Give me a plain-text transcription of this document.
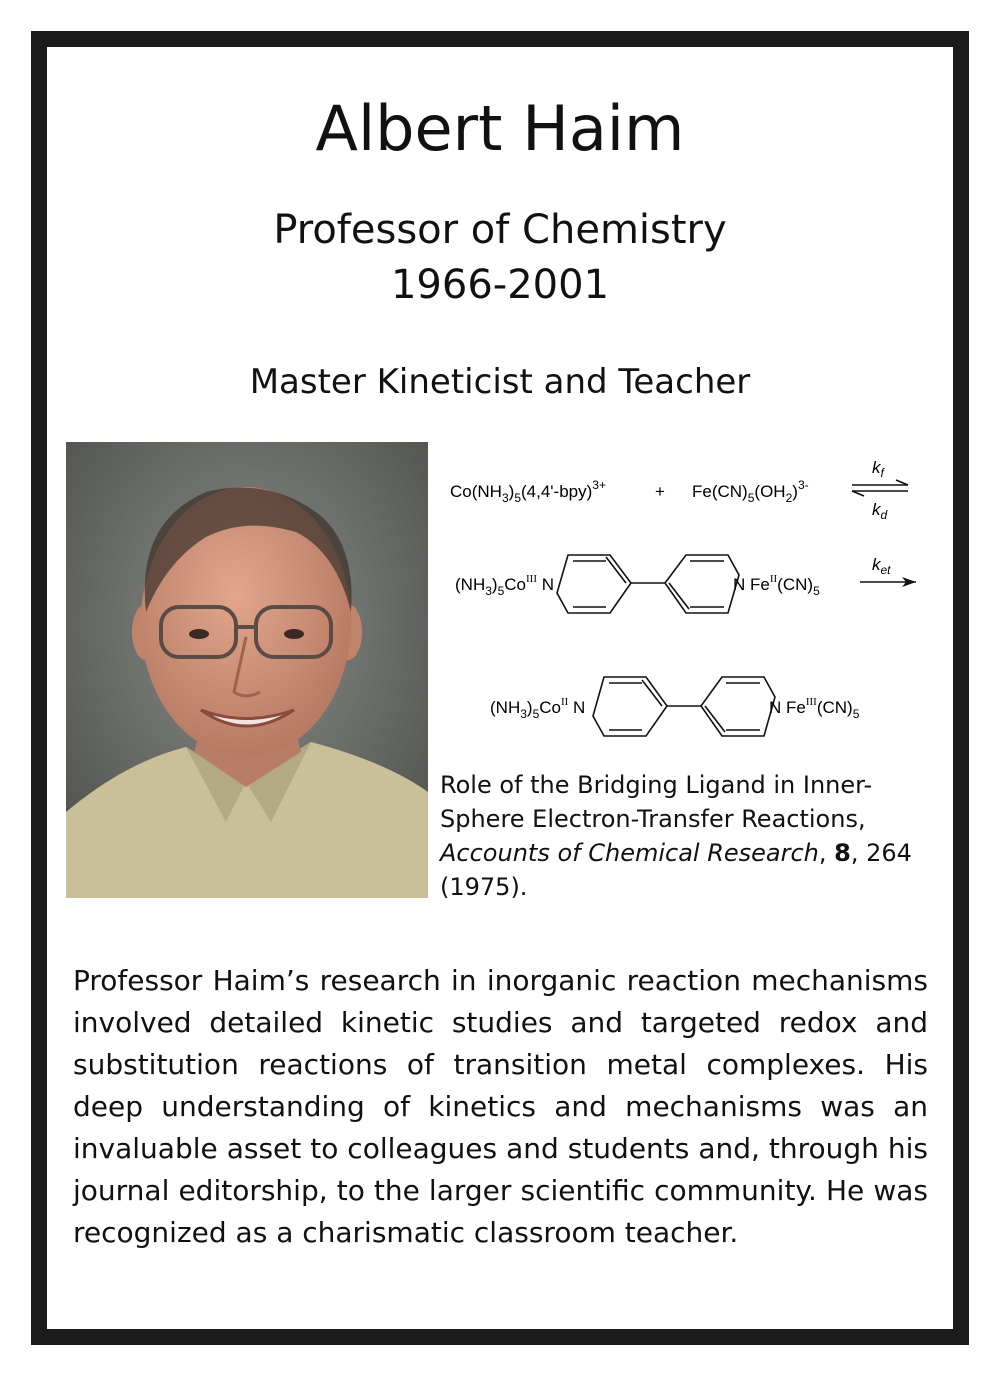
Albert Haim
Professor of Chemistry
1966-2001
Master Kineticist and Teacher
$Co(NH_3)_5(4,4'-bpy)^{3+}$	+ $Fe(CN)_5(OH_2)^{3-}$
$k_f$
$k_d$
$(NH_3)_5Co^{III}$ N	N $Fe^{II}(CN)_5$
$k_{et}$
$(NH_3)_5Co^{II}$ N	N $Fe^{III}(CN)_5$
Role of the Bridging Ligand in Inner-Sphere Electron-Transfer Reactions, Accounts of Chemical Research, 8, 264 (1975).
Professor Haim’s research in inorganic reaction mechanisms involved detailed kinetic studies and targeted redox and substitution reactions of transition metal complexes. His deep understanding of kinetics and mechanisms was an invaluable asset to colleagues and students and, through his journal editorship, to the larger scientific community. He was recognized as a charismatic classroom teacher.
